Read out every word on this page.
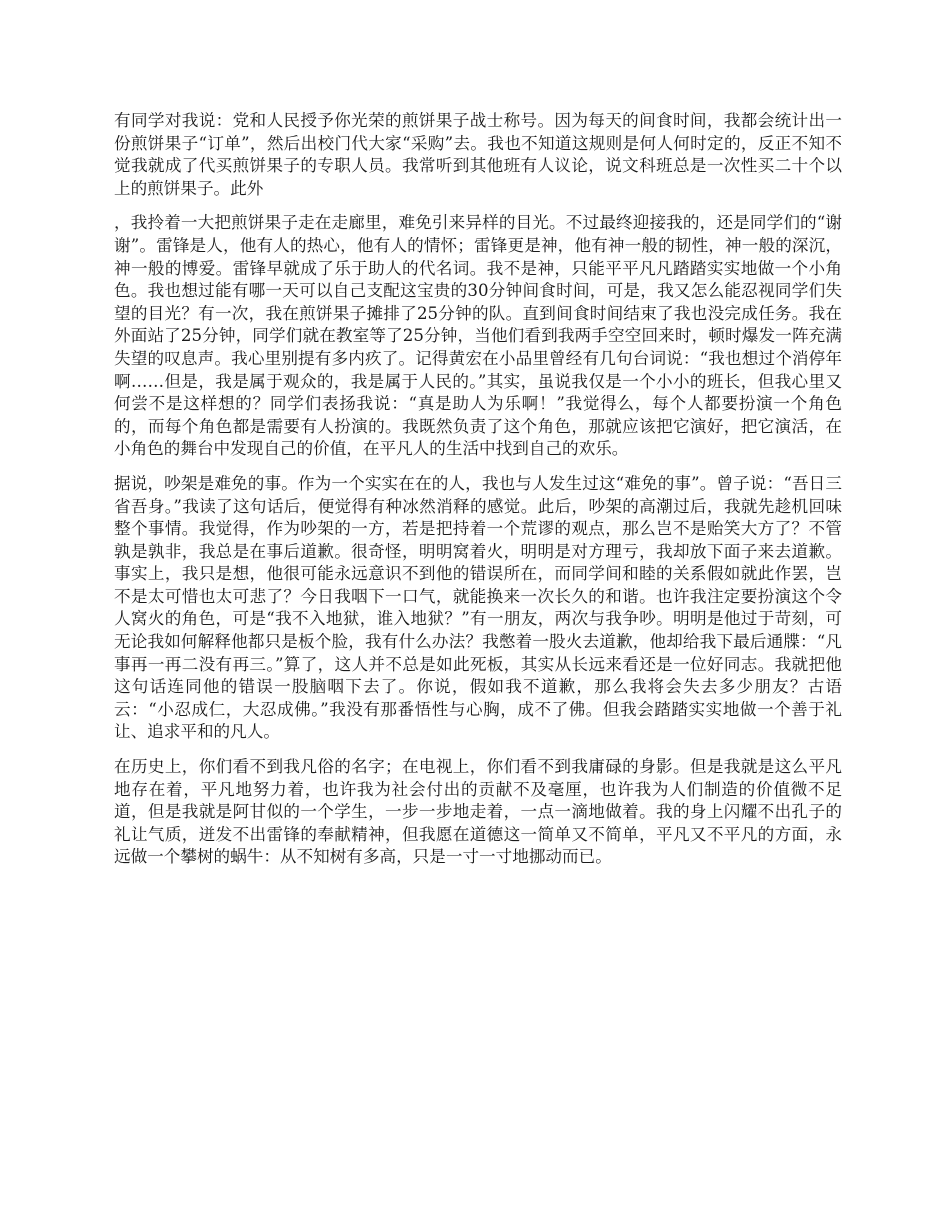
有同学对我说：党和人民授予你光荣的煎饼果子战士称号。因为每天的间食时间，我都会统计出一份煎饼果子“订单”，然后出校门代大家“采购”去。我也不知道这规则是何人何时定的，反正不知不觉我就成了代买煎饼果子的专职人员。我常听到其他班有人议论，说文科班总是一次性买二十个以上的煎饼果子。此外

，我拎着一大把煎饼果子走在走廊里，难免引来异样的目光。不过最终迎接我的，还是同学们的“谢谢”。雷锋是人，他有人的热心，他有人的情怀；雷锋更是神，他有神一般的韧性，神一般的深沉，神一般的博爱。雷锋早就成了乐于助人的代名词。我不是神，只能平平凡凡踏踏实实地做一个小角色。我也想过能有哪一天可以自己支配这宝贵的30分钟间食时间，可是，我又怎么能忍视同学们失望的目光？有一次，我在煎饼果子摊排了25分钟的队。直到间食时间结束了我也没完成任务。我在外面站了25分钟，同学们就在教室等了25分钟，当他们看到我两手空空回来时，顿时爆发一阵充满失望的叹息声。我心里别提有多内疚了。记得黄宏在小品里曾经有几句台词说：“我也想过个消停年啊……但是，我是属于观众的，我是属于人民的。”其实，虽说我仅是一个小小的班长，但我心里又何尝不是这样想的？同学们表扬我说：“真是助人为乐啊！”我觉得么，每个人都要扮演一个角色的，而每个角色都是需要有人扮演的。我既然负责了这个角色，那就应该把它演好，把它演活，在小角色的舞台中发现自己的价值，在平凡人的生活中找到自己的欢乐。

据说，吵架是难免的事。作为一个实实在在的人，我也与人发生过这“难免的事”。曾子说：“吾日三省吾身。”我读了这句话后，便觉得有种冰然消释的感觉。此后，吵架的高潮过后，我就先趁机回味整个事情。我觉得，作为吵架的一方，若是把持着一个荒谬的观点，那么岂不是贻笑大方了？不管孰是孰非，我总是在事后道歉。很奇怪，明明窝着火，明明是对方理亏，我却放下面子来去道歉。事实上，我只是想，他很可能永远意识不到他的错误所在，而同学间和睦的关系假如就此作罢，岂不是太可惜也太可悲了？今日我咽下一口气，就能换来一次长久的和谐。也许我注定要扮演这个令人窝火的角色，可是“我不入地狱，谁入地狱？”有一朋友，两次与我争吵。明明是他过于苛刻，可无论我如何解释他都只是板个脸，我有什么办法？我憋着一股火去道歉，他却给我下最后通牒：“凡事再一再二没有再三。”算了，这人并不总是如此死板，其实从长远来看还是一位好同志。我就把他这句话连同他的错误一股脑咽下去了。你说，假如我不道歉，那么我将会失去多少朋友？古语云：“小忍成仁，大忍成佛。”我没有那番悟性与心胸，成不了佛。但我会踏踏实实地做一个善于礼让、追求平和的凡人。

在历史上，你们看不到我凡俗的名字；在电视上，你们看不到我庸碌的身影。但是我就是这么平凡地存在着，平凡地努力着，也许我为社会付出的贡献不及毫厘，也许我为人们制造的价值微不足道，但是我就是阿甘似的一个学生，一步一步地走着，一点一滴地做着。我的身上闪耀不出孔子的礼让气质，迸发不出雷锋的奉献精神，但我愿在道德这一简单又不简单，平凡又不平凡的方面，永远做一个攀树的蜗牛：从不知树有多高，只是一寸一寸地挪动而已。
